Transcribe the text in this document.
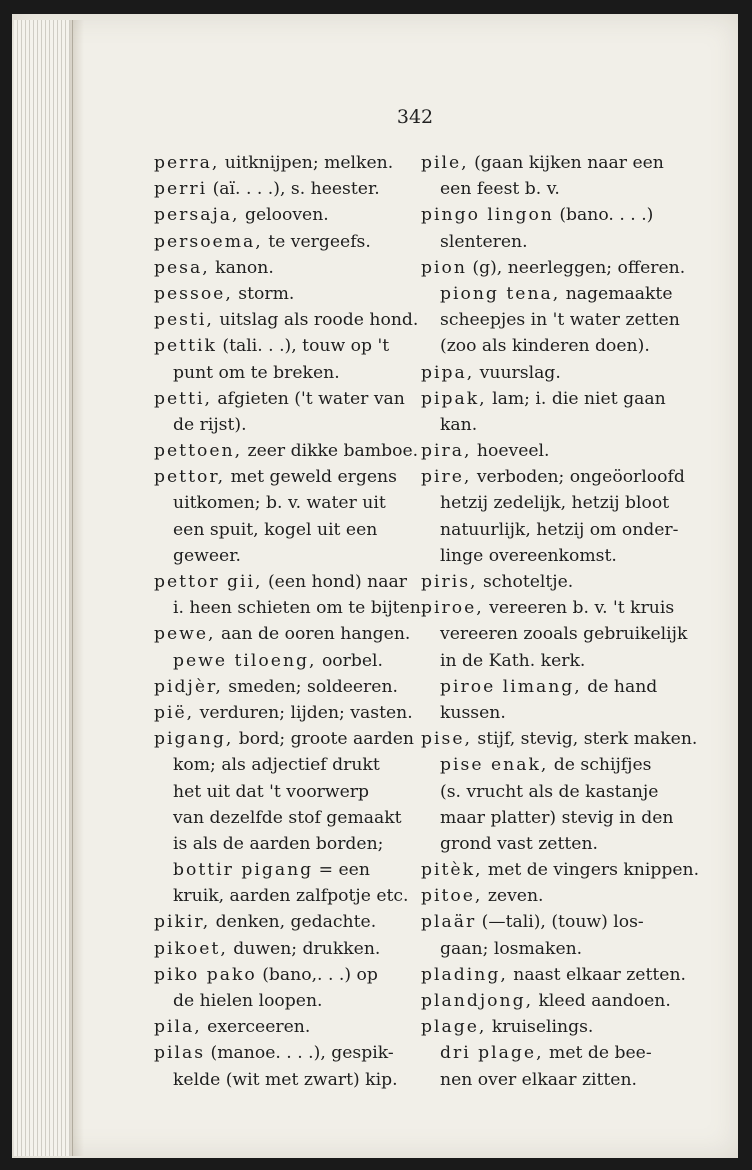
342
perra, uitknijpen; melken.
perri (aï. . . .), s. heester.
persaja, gelooven.
persoema, te vergeefs.
pesa, kanon.
pessoe, storm.
pesti, uitslag als roode hond.
pettik (tali. . .), touw op 't
punt om te breken.
petti, afgieten ('t water van
de rijst).
pettoen, zeer dikke bamboe.
pettor, met geweld ergens
uitkomen; b. v. water uit
een spuit, kogel uit een
geweer.
pettor gii, (een hond) naar
i. heen schieten om te bijten.
pewe, aan de ooren hangen.
pewe tiloeng, oorbel.
pidjèr, smeden; soldeeren.
pië, verduren; lijden; vasten.
pigang, bord; groote aarden
kom; als adjectief drukt
het uit dat 't voorwerp
van dezelfde stof gemaakt
is als de aarden borden;
bottir pigang = een
kruik, aarden zalfpotje etc.
pikir, denken, gedachte.
pikoet, duwen; drukken.
piko pako (bano,. . .) op
de hielen loopen.
pila, exerceeren.
pilas (manoe. . . .), gespik-
kelde (wit met zwart) kip.
pile, (gaan kijken naar een
een feest b. v.
pingo lingon (bano. . . .)
slenteren.
pion (g), neerleggen; offeren.
piong tena, nagemaakte
scheepjes in 't water zetten
(zoo als kinderen doen).
pipa, vuurslag.
pipak, lam; i. die niet gaan
kan.
pira, hoeveel.
pire, verboden; ongeöorloofd
hetzij zedelijk, hetzij bloot
natuurlijk, hetzij om onder-
linge overeenkomst.
piris, schoteltje.
piroe, vereeren b. v. 't kruis
vereeren zooals gebruikelijk
in de Kath. kerk.
piroe limang, de hand
kussen.
pise, stijf, stevig, sterk maken.
pise enak, de schijfjes
(s. vrucht als de kastanje
maar platter) stevig in den
grond vast zetten.
pitèk, met de vingers knippen.
pitoe, zeven.
plaär (—tali), (touw) los-
gaan; losmaken.
plading, naast elkaar zetten.
plandjong, kleed aandoen.
plage, kruiselings.
dri plage, met de bee-
nen over elkaar zitten.
